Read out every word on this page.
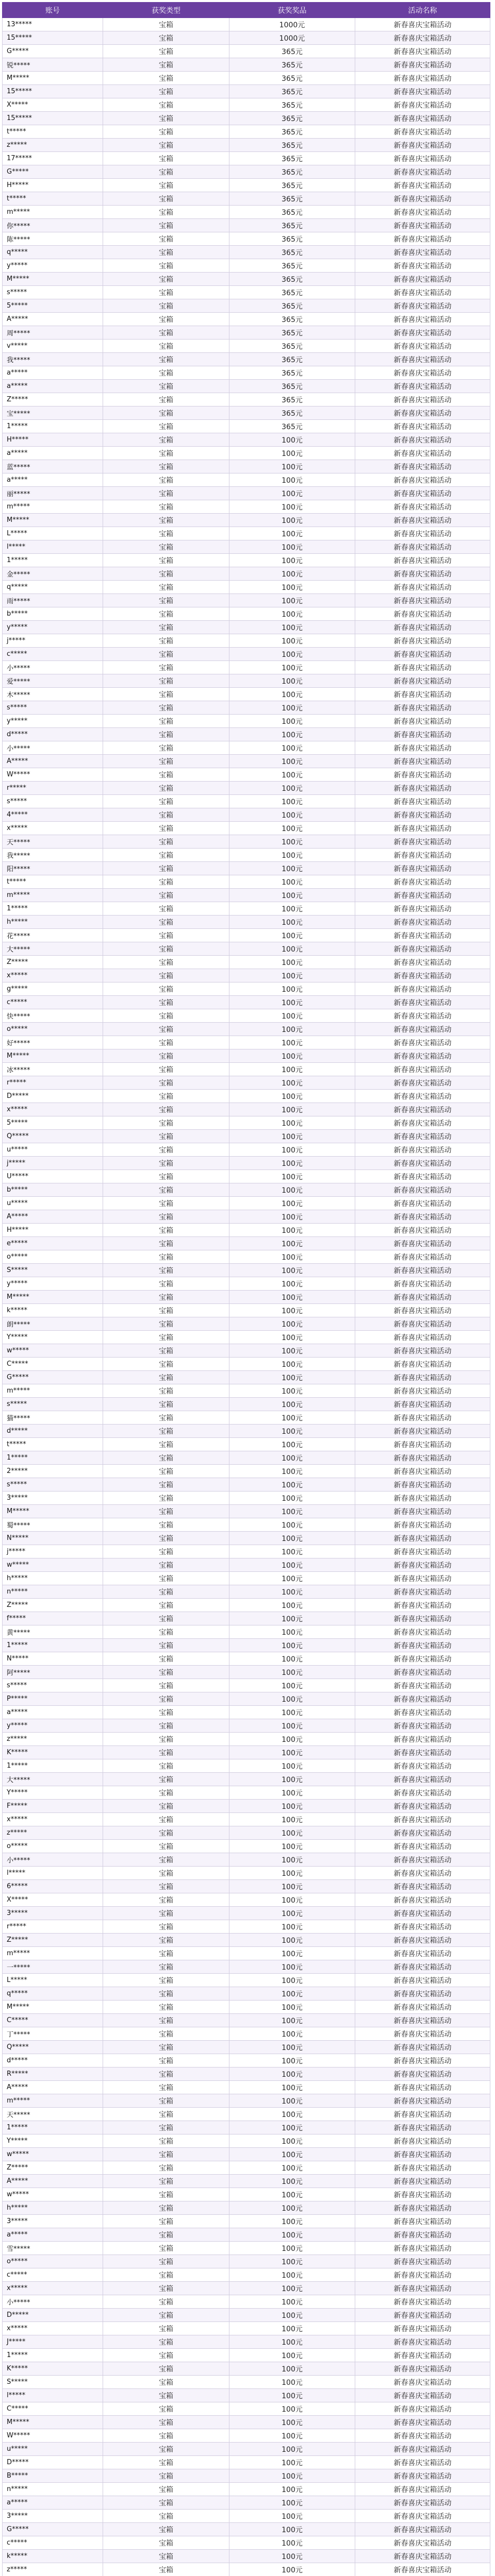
账号	获奖类型	获奖奖品	活动名称
13*****	宝箱	1000元	新春喜庆宝箱活动
15*****	宝箱	1000元	新春喜庆宝箱活动
G*****	宝箱	365元	新春喜庆宝箱活动
锐*****	宝箱	365元	新春喜庆宝箱活动
M*****	宝箱	365元	新春喜庆宝箱活动
15*****	宝箱	365元	新春喜庆宝箱活动
X*****	宝箱	365元	新春喜庆宝箱活动
15*****	宝箱	365元	新春喜庆宝箱活动
t*****	宝箱	365元	新春喜庆宝箱活动
z*****	宝箱	365元	新春喜庆宝箱活动
17*****	宝箱	365元	新春喜庆宝箱活动
G*****	宝箱	365元	新春喜庆宝箱活动
H*****	宝箱	365元	新春喜庆宝箱活动
t*****	宝箱	365元	新春喜庆宝箱活动
m*****	宝箱	365元	新春喜庆宝箱活动
你*****	宝箱	365元	新春喜庆宝箱活动
陈*****	宝箱	365元	新春喜庆宝箱活动
q*****	宝箱	365元	新春喜庆宝箱活动
y*****	宝箱	365元	新春喜庆宝箱活动
M*****	宝箱	365元	新春喜庆宝箱活动
s*****	宝箱	365元	新春喜庆宝箱活动
5*****	宝箱	365元	新春喜庆宝箱活动
A*****	宝箱	365元	新春喜庆宝箱活动
周*****	宝箱	365元	新春喜庆宝箱活动
v*****	宝箱	365元	新春喜庆宝箱活动
我*****	宝箱	365元	新春喜庆宝箱活动
a*****	宝箱	365元	新春喜庆宝箱活动
a*****	宝箱	365元	新春喜庆宝箱活动
Z*****	宝箱	365元	新春喜庆宝箱活动
宝*****	宝箱	365元	新春喜庆宝箱活动
1*****	宝箱	365元	新春喜庆宝箱活动
H*****	宝箱	100元	新春喜庆宝箱活动
a*****	宝箱	100元	新春喜庆宝箱活动
蓝*****	宝箱	100元	新春喜庆宝箱活动
a*****	宝箱	100元	新春喜庆宝箱活动
丽*****	宝箱	100元	新春喜庆宝箱活动
m*****	宝箱	100元	新春喜庆宝箱活动
M*****	宝箱	100元	新春喜庆宝箱活动
L*****	宝箱	100元	新春喜庆宝箱活动
l*****	宝箱	100元	新春喜庆宝箱活动
1*****	宝箱	100元	新春喜庆宝箱活动
金*****	宝箱	100元	新春喜庆宝箱活动
q*****	宝箱	100元	新春喜庆宝箱活动
雨*****	宝箱	100元	新春喜庆宝箱活动
b*****	宝箱	100元	新春喜庆宝箱活动
y*****	宝箱	100元	新春喜庆宝箱活动
j*****	宝箱	100元	新春喜庆宝箱活动
c*****	宝箱	100元	新春喜庆宝箱活动
小*****	宝箱	100元	新春喜庆宝箱活动
爱*****	宝箱	100元	新春喜庆宝箱活动
木*****	宝箱	100元	新春喜庆宝箱活动
s*****	宝箱	100元	新春喜庆宝箱活动
y*****	宝箱	100元	新春喜庆宝箱活动
d*****	宝箱	100元	新春喜庆宝箱活动
小*****	宝箱	100元	新春喜庆宝箱活动
A*****	宝箱	100元	新春喜庆宝箱活动
W*****	宝箱	100元	新春喜庆宝箱活动
r*****	宝箱	100元	新春喜庆宝箱活动
s*****	宝箱	100元	新春喜庆宝箱活动
4*****	宝箱	100元	新春喜庆宝箱活动
x*****	宝箱	100元	新春喜庆宝箱活动
天*****	宝箱	100元	新春喜庆宝箱活动
我*****	宝箱	100元	新春喜庆宝箱活动
阳*****	宝箱	100元	新春喜庆宝箱活动
t*****	宝箱	100元	新春喜庆宝箱活动
m*****	宝箱	100元	新春喜庆宝箱活动
1*****	宝箱	100元	新春喜庆宝箱活动
h*****	宝箱	100元	新春喜庆宝箱活动
花*****	宝箱	100元	新春喜庆宝箱活动
大*****	宝箱	100元	新春喜庆宝箱活动
Z*****	宝箱	100元	新春喜庆宝箱活动
x*****	宝箱	100元	新春喜庆宝箱活动
g*****	宝箱	100元	新春喜庆宝箱活动
c*****	宝箱	100元	新春喜庆宝箱活动
快*****	宝箱	100元	新春喜庆宝箱活动
o*****	宝箱	100元	新春喜庆宝箱活动
好*****	宝箱	100元	新春喜庆宝箱活动
M*****	宝箱	100元	新春喜庆宝箱活动
冰*****	宝箱	100元	新春喜庆宝箱活动
r*****	宝箱	100元	新春喜庆宝箱活动
D*****	宝箱	100元	新春喜庆宝箱活动
x*****	宝箱	100元	新春喜庆宝箱活动
5*****	宝箱	100元	新春喜庆宝箱活动
Q*****	宝箱	100元	新春喜庆宝箱活动
u*****	宝箱	100元	新春喜庆宝箱活动
j*****	宝箱	100元	新春喜庆宝箱活动
U*****	宝箱	100元	新春喜庆宝箱活动
b*****	宝箱	100元	新春喜庆宝箱活动
u*****	宝箱	100元	新春喜庆宝箱活动
A*****	宝箱	100元	新春喜庆宝箱活动
H*****	宝箱	100元	新春喜庆宝箱活动
e*****	宝箱	100元	新春喜庆宝箱活动
o*****	宝箱	100元	新春喜庆宝箱活动
S*****	宝箱	100元	新春喜庆宝箱活动
y*****	宝箱	100元	新春喜庆宝箱活动
M*****	宝箱	100元	新春喜庆宝箱活动
k*****	宝箱	100元	新春喜庆宝箱活动
朗*****	宝箱	100元	新春喜庆宝箱活动
Y*****	宝箱	100元	新春喜庆宝箱活动
w*****	宝箱	100元	新春喜庆宝箱活动
C*****	宝箱	100元	新春喜庆宝箱活动
G*****	宝箱	100元	新春喜庆宝箱活动
m*****	宝箱	100元	新春喜庆宝箱活动
s*****	宝箱	100元	新春喜庆宝箱活动
猫*****	宝箱	100元	新春喜庆宝箱活动
d*****	宝箱	100元	新春喜庆宝箱活动
t*****	宝箱	100元	新春喜庆宝箱活动
1*****	宝箱	100元	新春喜庆宝箱活动
2*****	宝箱	100元	新春喜庆宝箱活动
s*****	宝箱	100元	新春喜庆宝箱活动
3*****	宝箱	100元	新春喜庆宝箱活动
M*****	宝箱	100元	新春喜庆宝箱活动
蜀*****	宝箱	100元	新春喜庆宝箱活动
N*****	宝箱	100元	新春喜庆宝箱活动
j*****	宝箱	100元	新春喜庆宝箱活动
w*****	宝箱	100元	新春喜庆宝箱活动
h*****	宝箱	100元	新春喜庆宝箱活动
n*****	宝箱	100元	新春喜庆宝箱活动
Z*****	宝箱	100元	新春喜庆宝箱活动
f*****	宝箱	100元	新春喜庆宝箱活动
黄*****	宝箱	100元	新春喜庆宝箱活动
1*****	宝箱	100元	新春喜庆宝箱活动
N*****	宝箱	100元	新春喜庆宝箱活动
阿*****	宝箱	100元	新春喜庆宝箱活动
s*****	宝箱	100元	新春喜庆宝箱活动
P*****	宝箱	100元	新春喜庆宝箱活动
a*****	宝箱	100元	新春喜庆宝箱活动
y*****	宝箱	100元	新春喜庆宝箱活动
z*****	宝箱	100元	新春喜庆宝箱活动
K*****	宝箱	100元	新春喜庆宝箱活动
1*****	宝箱	100元	新春喜庆宝箱活动
大*****	宝箱	100元	新春喜庆宝箱活动
Y*****	宝箱	100元	新春喜庆宝箱活动
F*****	宝箱	100元	新春喜庆宝箱活动
x*****	宝箱	100元	新春喜庆宝箱活动
z*****	宝箱	100元	新春喜庆宝箱活动
o*****	宝箱	100元	新春喜庆宝箱活动
小*****	宝箱	100元	新春喜庆宝箱活动
l*****	宝箱	100元	新春喜庆宝箱活动
6*****	宝箱	100元	新春喜庆宝箱活动
X*****	宝箱	100元	新春喜庆宝箱活动
3*****	宝箱	100元	新春喜庆宝箱活动
r*****	宝箱	100元	新春喜庆宝箱活动
Z*****	宝箱	100元	新春喜庆宝箱活动
m*****	宝箱	100元	新春喜庆宝箱活动
一*****	宝箱	100元	新春喜庆宝箱活动
L*****	宝箱	100元	新春喜庆宝箱活动
q*****	宝箱	100元	新春喜庆宝箱活动
M*****	宝箱	100元	新春喜庆宝箱活动
C*****	宝箱	100元	新春喜庆宝箱活动
丁*****	宝箱	100元	新春喜庆宝箱活动
Q*****	宝箱	100元	新春喜庆宝箱活动
d*****	宝箱	100元	新春喜庆宝箱活动
R*****	宝箱	100元	新春喜庆宝箱活动
A*****	宝箱	100元	新春喜庆宝箱活动
m*****	宝箱	100元	新春喜庆宝箱活动
天*****	宝箱	100元	新春喜庆宝箱活动
1*****	宝箱	100元	新春喜庆宝箱活动
Y*****	宝箱	100元	新春喜庆宝箱活动
w*****	宝箱	100元	新春喜庆宝箱活动
Z*****	宝箱	100元	新春喜庆宝箱活动
A*****	宝箱	100元	新春喜庆宝箱活动
w*****	宝箱	100元	新春喜庆宝箱活动
h*****	宝箱	100元	新春喜庆宝箱活动
3*****	宝箱	100元	新春喜庆宝箱活动
a*****	宝箱	100元	新春喜庆宝箱活动
雪*****	宝箱	100元	新春喜庆宝箱活动
o*****	宝箱	100元	新春喜庆宝箱活动
c*****	宝箱	100元	新春喜庆宝箱活动
x*****	宝箱	100元	新春喜庆宝箱活动
小*****	宝箱	100元	新春喜庆宝箱活动
D*****	宝箱	100元	新春喜庆宝箱活动
x*****	宝箱	100元	新春喜庆宝箱活动
J*****	宝箱	100元	新春喜庆宝箱活动
1*****	宝箱	100元	新春喜庆宝箱活动
K*****	宝箱	100元	新春喜庆宝箱活动
S*****	宝箱	100元	新春喜庆宝箱活动
l*****	宝箱	100元	新春喜庆宝箱活动
C*****	宝箱	100元	新春喜庆宝箱活动
M*****	宝箱	100元	新春喜庆宝箱活动
W*****	宝箱	100元	新春喜庆宝箱活动
u*****	宝箱	100元	新春喜庆宝箱活动
D*****	宝箱	100元	新春喜庆宝箱活动
B*****	宝箱	100元	新春喜庆宝箱活动
n*****	宝箱	100元	新春喜庆宝箱活动
a*****	宝箱	100元	新春喜庆宝箱活动
3*****	宝箱	100元	新春喜庆宝箱活动
G*****	宝箱	100元	新春喜庆宝箱活动
c*****	宝箱	100元	新春喜庆宝箱活动
k*****	宝箱	100元	新春喜庆宝箱活动
z*****	宝箱	100元	新春喜庆宝箱活动
